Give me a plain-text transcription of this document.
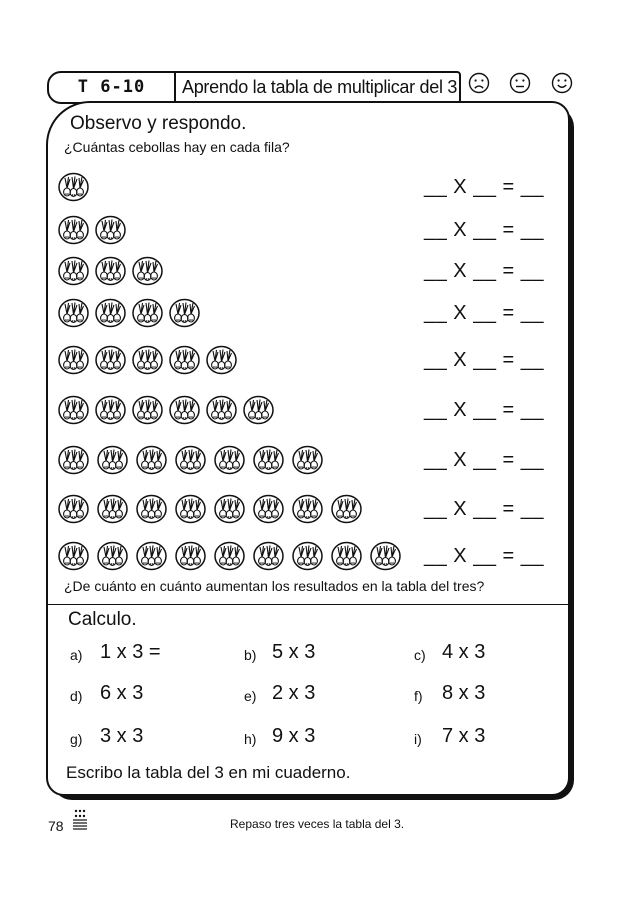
T 6-10	Aprendo la tabla de multiplicar del 3
Observo y respondo.
¿Cuántas cebollas hay en cada fila?
__ X __ = __
__ X __ = __
__ X __ = __
__ X __ = __
__ X __ = __
__ X __ = __
__ X __ = __
__ X __ = __
__ X __ = __
¿De cuánto en cuánto aumentan los resultados en la tabla del tres?
Calculo.
a) 1 x 3 =	b) 5 x 3	c) 4 x 3
d) 6 x 3	e) 2 x 3	f) 8 x 3
g) 3 x 3	h) 9 x 3	i) 7 x 3
Escribo la tabla del 3 en mi cuaderno.
78	Repaso tres veces la tabla del 3.
